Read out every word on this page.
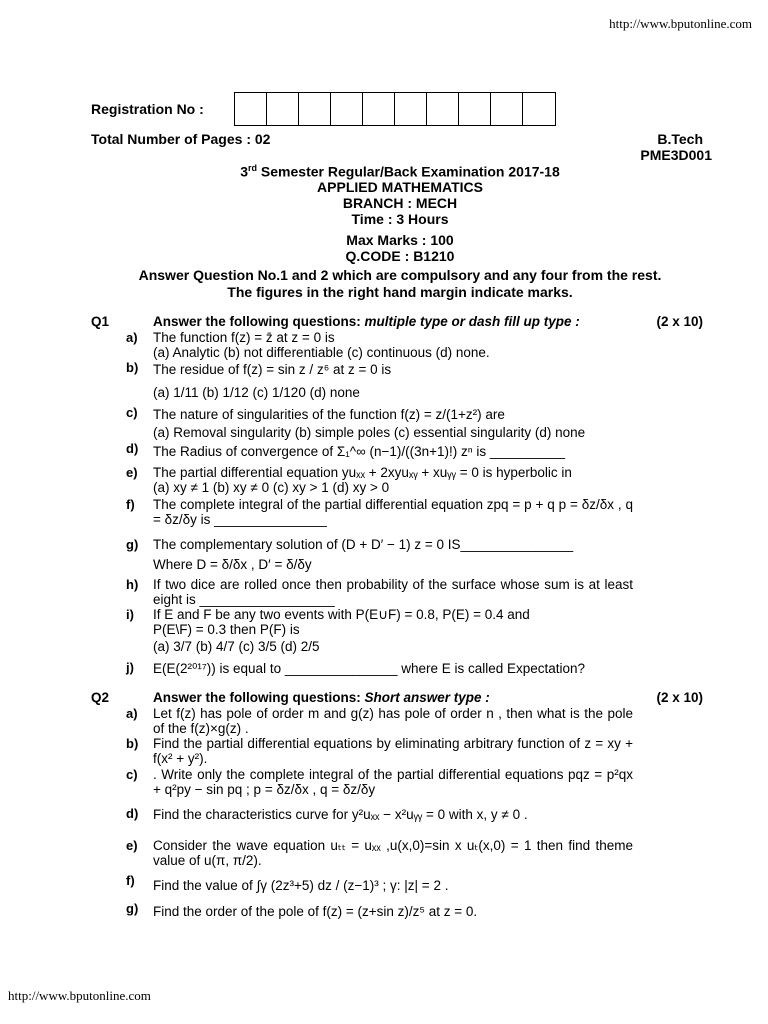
http://www.bputonline.com
Registration No :
Total Number of Pages : 02	B.Tech
PME3D001
3rd Semester Regular/Back Examination 2017-18
APPLIED MATHEMATICS
BRANCH : MECH
Time : 3 Hours
Max Marks : 100
Q.CODE : B1210
Answer Question No.1 and 2 which are compulsory and any four from the rest.
The figures in the right hand margin indicate marks.
Q1	Answer the following questions: multiple type or dash fill up type :	(2 x 10)
a) The function f(z) = z̄ at z = 0 is
(a) Analytic (b) not differentiable (c) continuous (d) none.
b) The residue of f(z) = sin z / z⁶ at z = 0 is
(a) 1/11 (b) 1/12 (c) 1/120 (d) none
c) The nature of singularities of the function f(z) = z/(1+z²) are
(a) Removal singularity (b) simple poles (c) essential singularity (d) none
d) The Radius of convergence of Σ₁^∞ (n−1)/((3n+1)!) zⁿ is __________
e) The partial differential equation yuₓₓ + 2xyuₓᵧ + xuᵧᵧ = 0 is hyperbolic in
(a) xy ≠ 1 (b) xy ≠ 0 (c) xy > 1 (d) xy > 0
f) The complete integral of the partial differential equation zpq = p + q p = δz/δx , q = δz/δy is _______________
g) The complementary solution of (D + D′ − 1) z = 0 IS_______________
Where D = δ/δx , D′ = δ/δy
h) If two dice are rolled once then probability of the surface whose sum is at least eight is __________________
i) If E and F be any two events with P(E∪F) = 0.8, P(E) = 0.4 and
P(E\F) = 0.3 then P(F) is
(a) 3/7 (b) 4/7 (c) 3/5 (d) 2/5
j) E(E(2²⁰¹⁷)) is equal to _______________ where E is called Expectation?
Q2	Answer the following questions: Short answer type :	(2 x 10)
a) Let f(z) has pole of order m and g(z) has pole of order n , then what is the pole of the f(z)×g(z) .
b) Find the partial differential equations by eliminating arbitrary function of z = xy + f(x² + y²).
c) . Write only the complete integral of the partial differential equations pqz = p²qx + q²py − sin pq ; p = δz/δx , q = δz/δy
d) Find the characteristics curve for y²uₓₓ − x²uᵧᵧ = 0 with x, y ≠ 0 .
e) Consider the wave equation uₜₜ = uₓₓ ,u(x,0)=sin x uₜ(x,0) = 1 then find theme value of u(π, π/2).
f) Find the value of ∫γ (2z³+5) dz / (z−1)³ ; γ: |z| = 2 .
g) Find the order of the pole of f(z) = (z+sin z)/z⁵ at z = 0.
http://www.bputonline.com
